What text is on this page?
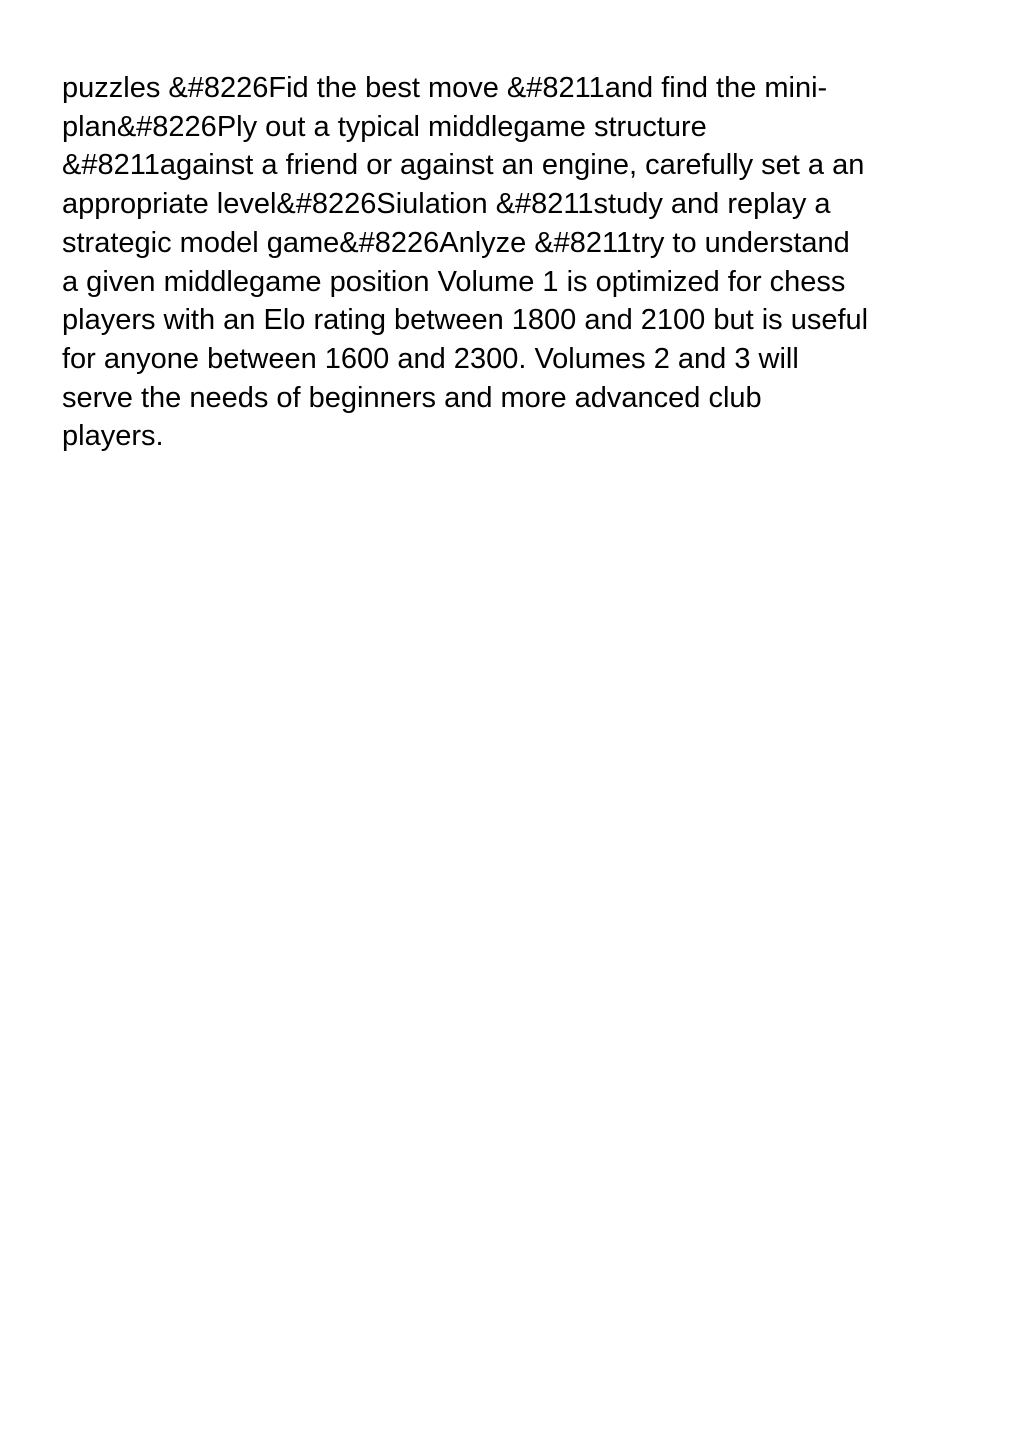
puzzles &#8226Fid the best move &#8211and find the mini-
plan&#8226Ply out a typical middlegame structure
&#8211against a friend or against an engine, carefully set a an
appropriate level&#8226Siulation &#8211study and replay a
strategic model game&#8226Anlyze &#8211try to understand
a given middlegame position Volume 1 is optimized for chess
players with an Elo rating between 1800 and 2100 but is useful
for anyone between 1600 and 2300. Volumes 2 and 3 will
serve the needs of beginners and more advanced club
players.
